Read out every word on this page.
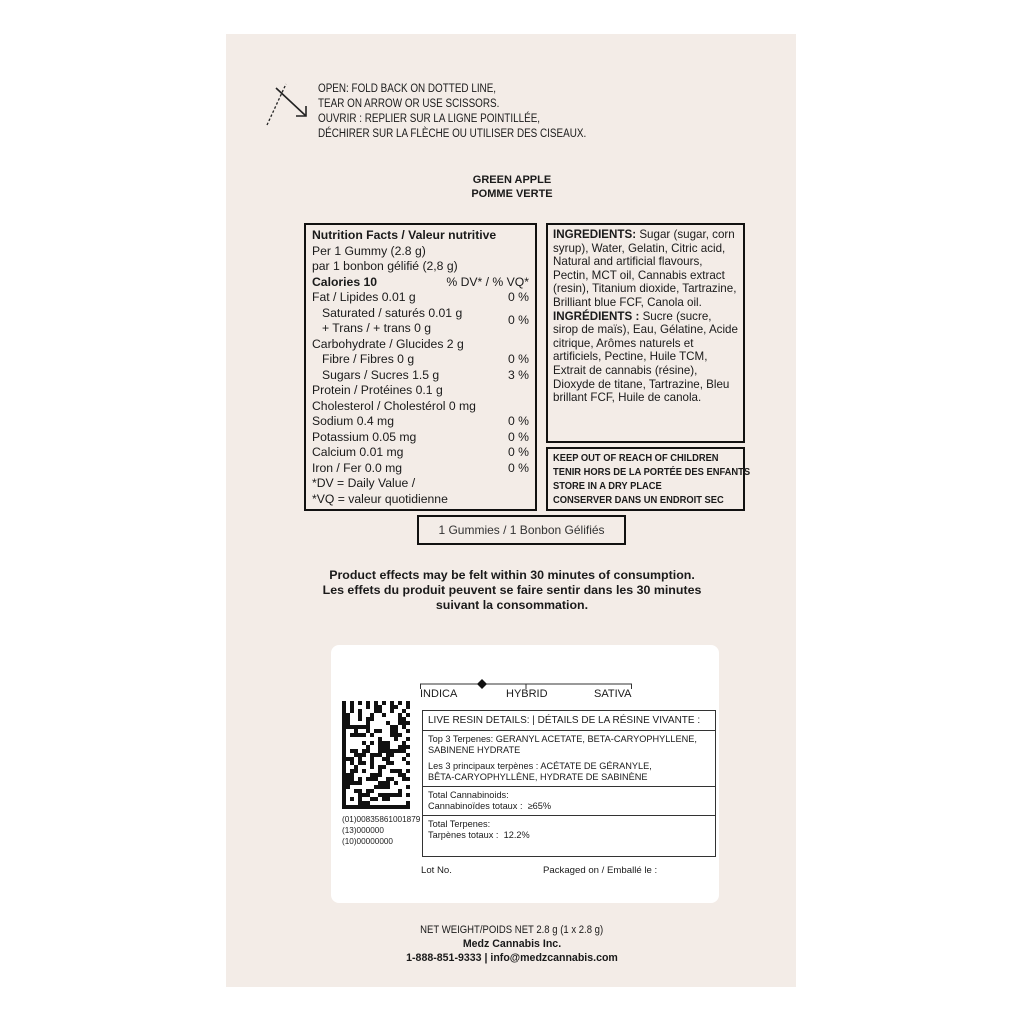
OPEN: FOLD BACK ON DOTTED LINE,
TEAR ON ARROW OR USE SCISSORS.
OUVRIR : REPLIER SUR LA LIGNE POINTILLÉE,
DÉCHIRER SUR LA FLÈCHE OU UTILISER DES CISEAUX.
GREEN APPLE
POMME VERTE
Nutrition Facts / Valeur nutritive
Per 1 Gummy (2.8 g)
par 1 bonbon gélifié (2,8 g)
Calories 10	% DV* / % VQ*
Fat / Lipides 0.01 g	0 %
Saturated / saturés 0.01 g
+ Trans / + trans 0 g
0 %
Carbohydrate / Glucides 2 g
Fibre / Fibres 0 g	0 %
Sugars / Sucres 1.5 g	3 %
Protein / Protéines 0.1 g
Cholesterol / Cholestérol 0 mg
Sodium 0.4 mg	0 %
Potassium 0.05 mg	0 %
Calcium 0.01 mg	0 %
Iron / Fer 0.0 mg	0 %
*DV = Daily Value /
*VQ = valeur quotidienne

INGREDIENTS: Sugar (sugar, corn syrup), Water, Gelatin, Citric acid, Natural and artificial flavours, Pectin, MCT oil, Cannabis extract (resin), Titanium dioxide, Tartrazine, Brilliant blue FCF, Canola oil.

INGRÉDIENTS : Sucre (sucre, sirop de maïs), Eau, Gélatine, Acide citrique, Arômes naturels et artificiels, Pectine, Huile TCM, Extrait de cannabis (résine), Dioxyde de titane, Tartrazine, Bleu brillant FCF, Huile de canola.

KEEP OUT OF REACH OF CHILDREN
TENIR HORS DE LA PORTÉE DES ENFANTS
STORE IN A DRY PLACE
CONSERVER DANS UN ENDROIT SEC
1 Gummies / 1 Bonbon Gélifiés
Product effects may be felt within 30 minutes of consumption.
Les effets du produit peuvent se faire sentir dans les 30 minutes
suivant la consommation.
(01)00835861001879
(13)000000
(10)00000000
INDICA	HYBRID	SATIVA
LIVE RESIN DETAILS: | DÉTAILS DE LA RÉSINE VIVANTE :
Top 3 Terpenes: GERANYL ACETATE, BETA-CARYOPHYLLENE,
SABINENE HYDRATE
Les 3 principaux terpènes : ACÉTATE DE GÉRANYLE,
BÊTA-CARYOPHYLLÈNE, HYDRATE DE SABINÈNE
Total Cannabinoids:
Cannabinoïdes totaux : ≥65%
Total Terpenes:
Tarpènes totaux : 12.2%
Lot No.	Packaged on / Emballé le :
NET WEIGHT/POIDS NET 2.8 g (1 x 2.8 g)
Medz Cannabis Inc.
1-888-851-9333 | info@medzcannabis.com
